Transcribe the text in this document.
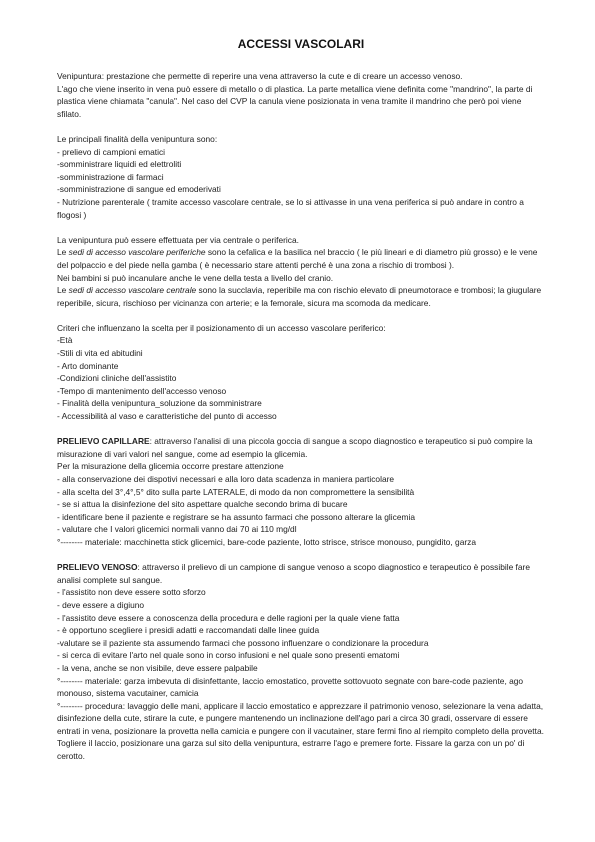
ACCESSI VASCOLARI

Venipuntura: prestazione che permette di reperire una vena attraverso la cute e di creare un accesso venoso.

L'ago che viene inserito in vena può essere di metallo o di plastica. La parte metallica viene definita come "mandrino", la parte di plastica viene chiamata "canula". Nel caso del CVP la canula viene posizionata in vena tramite il mandrino che però poi viene sfilato.

Le principali finalità della venipuntura sono:

- prelievo di campioni ematici

-somministrare liquidi ed elettroliti

-somministrazione di farmaci

-somministrazione di sangue ed emoderivati

- Nutrizione parenterale ( tramite accesso vascolare centrale, se lo si attivasse in una vena periferica si può andare in contro a flogosi )

La venipuntura può essere effettuata per via centrale o periferica.

Le sedi di accesso vascolare periferiche sono la cefalica e la basilica nel braccio ( le più lineari e di diametro più grosso) e le vene del polpaccio e del piede nella gamba ( è necessario stare attenti perché è una zona a rischio di trombosi ).

Nei bambini si può incanulare anche le vene della testa a livello del cranio.

Le sedi di accesso vascolare centrale sono la succlavia, reperibile ma con rischio elevato di pneumotorace e trombosi; la giugulare reperibile, sicura, rischioso per vicinanza con arterie; e la femorale, sicura ma scomoda da medicare.

Criteri che influenzano la scelta per il posizionamento di un accesso vascolare periferico:

-Età

-Stili di vita ed abitudini

- Arto dominante

-Condizioni cliniche dell'assistito

-Tempo di mantenimento dell'accesso venoso

- Finalità della venipuntura_soluzione da somministrare

- Accessibilità al vaso e caratteristiche del punto di accesso

PRELIEVO CAPILLARE: attraverso l'analisi di una piccola goccia di sangue a scopo diagnostico e terapeutico si può compire la misurazione di vari valori nel sangue, come ad esempio la glicemia.

Per la misurazione della glicemia occorre prestare attenzione

- alla conservazione dei dispotivi necessari e alla loro data scadenza in maniera particolare

- alla scelta del 3°,4°,5° dito sulla parte LATERALE, di modo da non compromettere la sensibilità

- se si attua la disinfezione del sito aspettare qualche secondo brima di bucare

- identificare bene il paziente e registrare se ha assunto farmaci che possono alterare la glicemia

- valutare che I valori glicemici normali vanno dai 70 ai 110 mg/dl

°-------- materiale: macchinetta stick glicemici, bare-code paziente, lotto strisce, strisce monouso, pungidito, garza

PRELIEVO VENOSO: attraverso il prelievo di un campione di sangue venoso a scopo diagnostico e terapeutico è possibile fare analisi complete sul sangue.

- l'assistito non deve essere sotto sforzo

- deve essere a digiuno

- l'assistito deve essere a conoscenza della procedura e delle ragioni per la quale viene fatta

- è opportuno scegliere i presidi adatti e raccomandati dalle linee guida

-valutare se il paziente sta assumendo farmaci che possono influenzare o condizionare la procedura

- si cerca di evitare l'arto nel quale sono in corso infusioni e nel quale sono presenti ematomi

- la vena, anche se non visibile, deve essere palpabile

°-------- materiale: garza imbevuta di disinfettante, laccio emostatico, provette sottovuoto segnate con bare-code paziente, ago monouso, sistema vacutainer, camicia

°-------- procedura: lavaggio delle mani, applicare il laccio emostatico e apprezzare il patrimonio venoso, selezionare la vena adatta, disinfezione della cute, stirare la cute, e pungere mantenendo un inclinazione dell'ago pari a circa 30 gradi, osservare di essere entrati in vena, posizionare la provetta nella camicia e pungere con il vacutainer, stare fermi fino al riempito completo della provetta. Togliere il laccio, posizionare una garza sul sito della venipuntura, estrarre l'ago e premere forte. Fissare la garza con un po' di cerotto.
